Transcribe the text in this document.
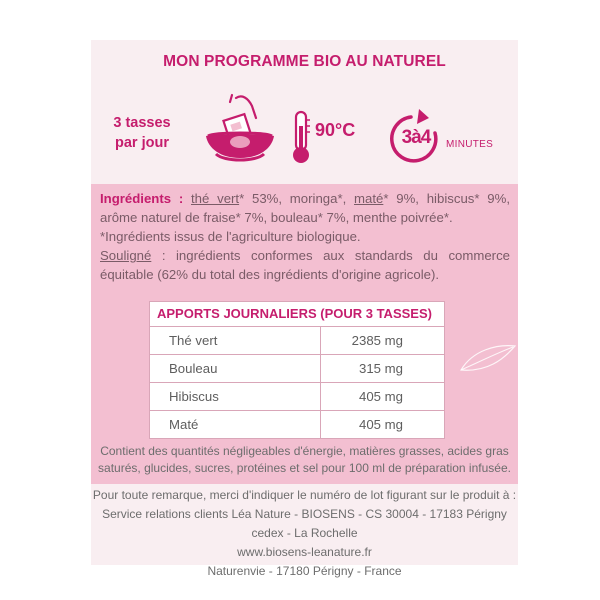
MON PROGRAMME BIO AU NATUREL
3 tasses
par jour
90°C	3à4	MINUTES
Ingrédients : thé vert* 53%, moringa*, maté* 9%, hibiscus* 9%, arôme naturel de fraise* 7%, bouleau* 7%, menthe poivrée*.
*Ingrédients issus de l'agriculture biologique.
Souligné : ingrédients conformes aux standards du commerce équitable (62% du total des ingrédients d'origine agricole).
APPORTS JOURNALIERS (POUR 3 TASSES)
Thé vert	2385 mg
Bouleau	315 mg
Hibiscus	405 mg
Maté	405 mg
Contient des quantités négligeables d'énergie, matières grasses, acides gras
saturés, glucides, sucres, protéines et sel pour 100 ml de préparation infusée.
Pour toute remarque, merci d'indiquer le numéro de lot figurant sur le produit à :
Service relations clients Léa Nature - BIOSENS - CS 30004 - 17183 Périgny cedex - La Rochelle
www.biosens-leanature.fr
Naturenvie - 17180 Périgny - France
